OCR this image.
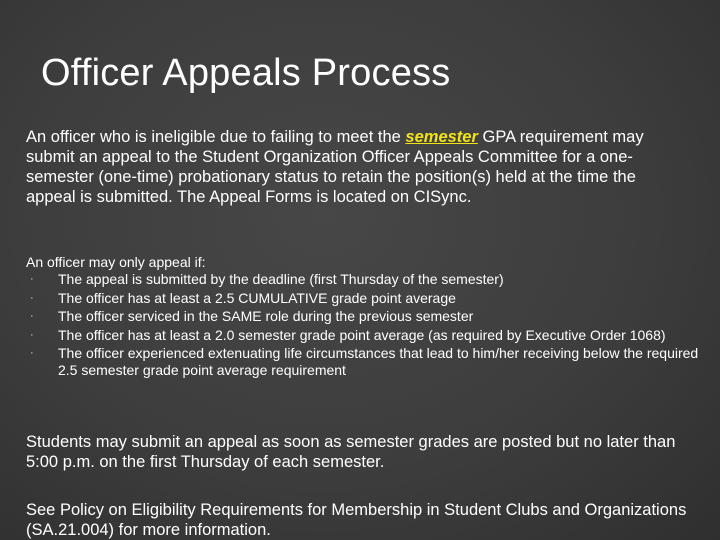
Officer Appeals Process

An officer who is ineligible due to failing to meet the semester GPA requirement may submit an appeal to the Student Organization Officer Appeals Committee for a one-semester (one-time) probationary status to retain the position(s) held at the time the appeal is submitted. The Appeal Forms is located on CISync.

An officer may only appeal if:

· The appeal is submitted by the deadline (first Thursday of the semester)
· The officer has at least a 2.5 CUMULATIVE grade point average
· The officer serviced in the SAME role during the previous semester
· The officer has at least a 2.0 semester grade point average (as required by Executive Order 1068)
· The officer experienced extenuating life circumstances that lead to him/her receiving below the required 2.5 semester grade point average requirement

Students may submit an appeal as soon as semester grades are posted but no later than 5:00 p.m. on the first Thursday of each semester.

See Policy on Eligibility Requirements for Membership in Student Clubs and Organizations (SA.21.004) for more information.
